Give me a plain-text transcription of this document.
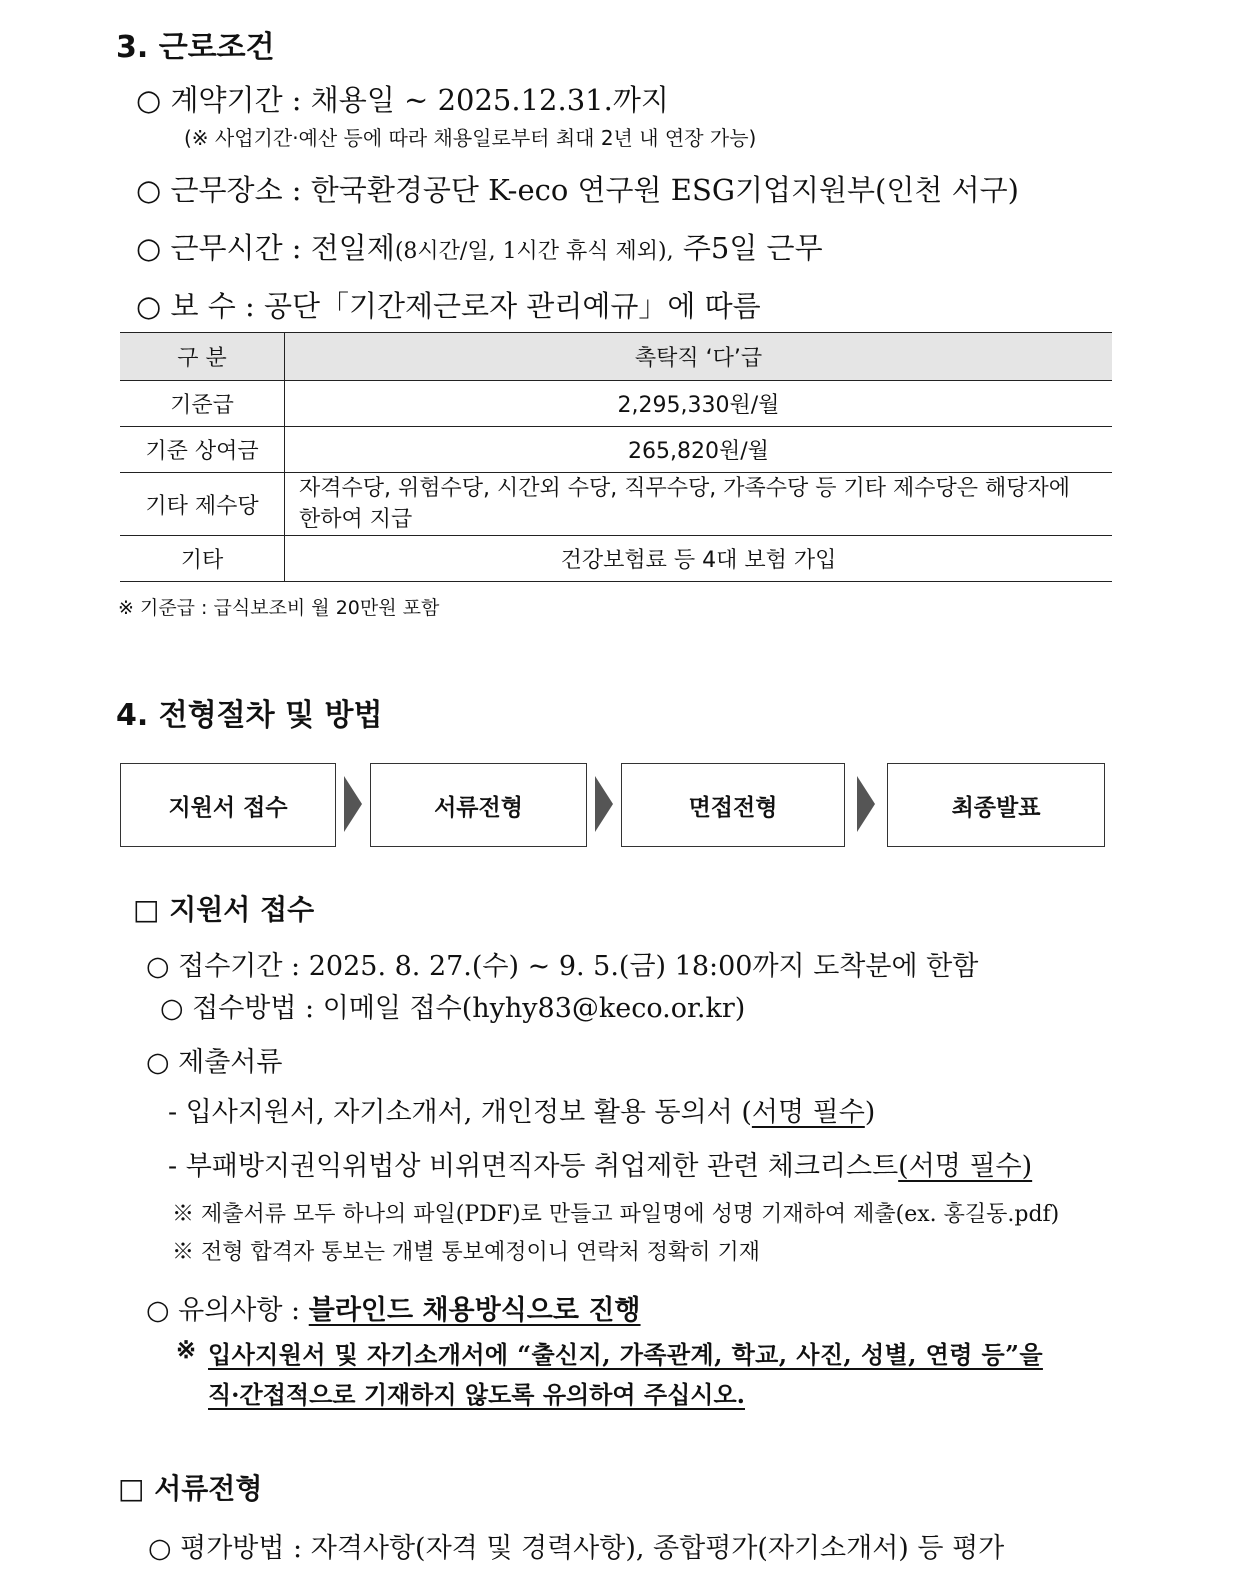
3. 근로조건
○ 계약기간 : 채용일 ~ 2025.12.31.까지
(※ 사업기간·예산 등에 따라 채용일로부터 최대 2년 내 연장 가능)
○ 근무장소 : 한국환경공단 K-eco 연구원 ESG기업지원부(인천 서구)
○ 근무시간 : 전일제(8시간/일, 1시간 휴식 제외), 주5일 근무
○ 보 수 : 공단「기간제근로자 관리예규」에 따름
구 분	촉탁직 ‘다’급
기준급	2,295,330원/월
기준 상여금	265,820원/월
기타 제수당	자격수당, 위험수당, 시간외 수당, 직무수당, 가족수당 등 기타 제수당은 해당자에 한하여 지급
기타	건강보험료 등 4대 보험 가입
※ 기준급 : 급식보조비 월 20만원 포함
4. 전형절차 및 방법
지원서 접수	서류전형	면접전형	최종발표
□ 지원서 접수
○ 접수기간 : 2025. 8. 27.(수) ~ 9. 5.(금) 18:00까지 도착분에 한함
○ 접수방법 : 이메일 접수(hyhy83@keco.or.kr)
○ 제출서류
- 입사지원서, 자기소개서, 개인정보 활용 동의서 (서명 필수)
- 부패방지권익위법상 비위면직자등 취업제한 관련 체크리스트(서명 필수)
※ 제출서류 모두 하나의 파일(PDF)로 만들고 파일명에 성명 기재하여 제출(ex. 홍길동.pdf)
※ 전형 합격자 통보는 개별 통보예정이니 연락처 정확히 기재
○ 유의사항 : 블라인드 채용방식으로 진행
※ 입사지원서 및 자기소개서에 “출신지, 가족관계, 학교, 사진, 성별, 연령 등”을
직·간접적으로 기재하지 않도록 유의하여 주십시오.
□ 서류전형
○ 평가방법 : 자격사항(자격 및 경력사항), 종합평가(자기소개서) 등 평가
